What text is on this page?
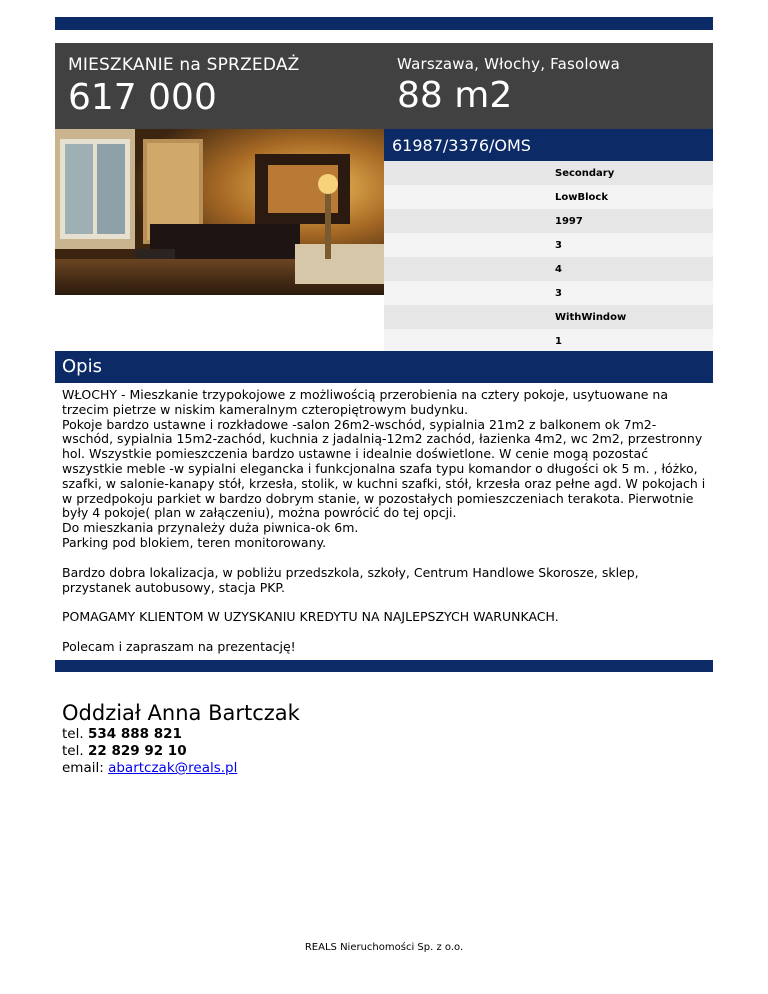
MIESZKANIE na SPRZEDAŻ
617 000
Warszawa, Włochy, Fasolowa
88 m2
61987/3376/OMS
Secondary
LowBlock
1997
3
4
3
WithWindow
1
Opis

WŁOCHY - Mieszkanie trzypokojowe z możliwością przerobienia na cztery pokoje, usytuowane na trzecim pietrze w niskim kameralnym czteropiętrowym budynku.
Pokoje bardzo ustawne i rozkładowe -salon 26m2-wschód, sypialnia 21m2 z balkonem ok 7m2-wschód, sypialnia 15m2-zachód, kuchnia z jadalnią-12m2 zachód, łazienka 4m2, wc 2m2, przestronny hol. Wszystkie pomieszczenia bardzo ustawne i idealnie doświetlone. W cenie mogą pozostać wszystkie meble -w sypialni elegancka i funkcjonalna szafa typu komandor o długości ok 5 m. , łóżko, szafki, w salonie-kanapy stół, krzesła, stolik, w kuchni szafki, stół, krzesła oraz pełne agd. W pokojach i w przedpokoju parkiet w bardzo dobrym stanie, w pozostałych pomieszczeniach terakota. Pierwotnie były 4 pokoje( plan w załączeniu), można powrócić do tej opcji.
Do mieszkania przynależy duża piwnica-ok 6m.
Parking pod blokiem, teren monitorowany.

Bardzo dobra lokalizacja, w pobliżu przedszkola, szkoły, Centrum Handlowe Skorosze, sklep, przystanek autobusowy, stacja PKP.

POMAGAMY KLIENTOM W UZYSKANIU KREDYTU NA NAJLEPSZYCH WARUNKACH.

Polecam i zapraszam na prezentację!

Oddział Anna Bartczak
tel. 534 888 821
tel. 22 829 92 10
email: abartczak@reals.pl
REALS Nieruchomości Sp. z o.o.
